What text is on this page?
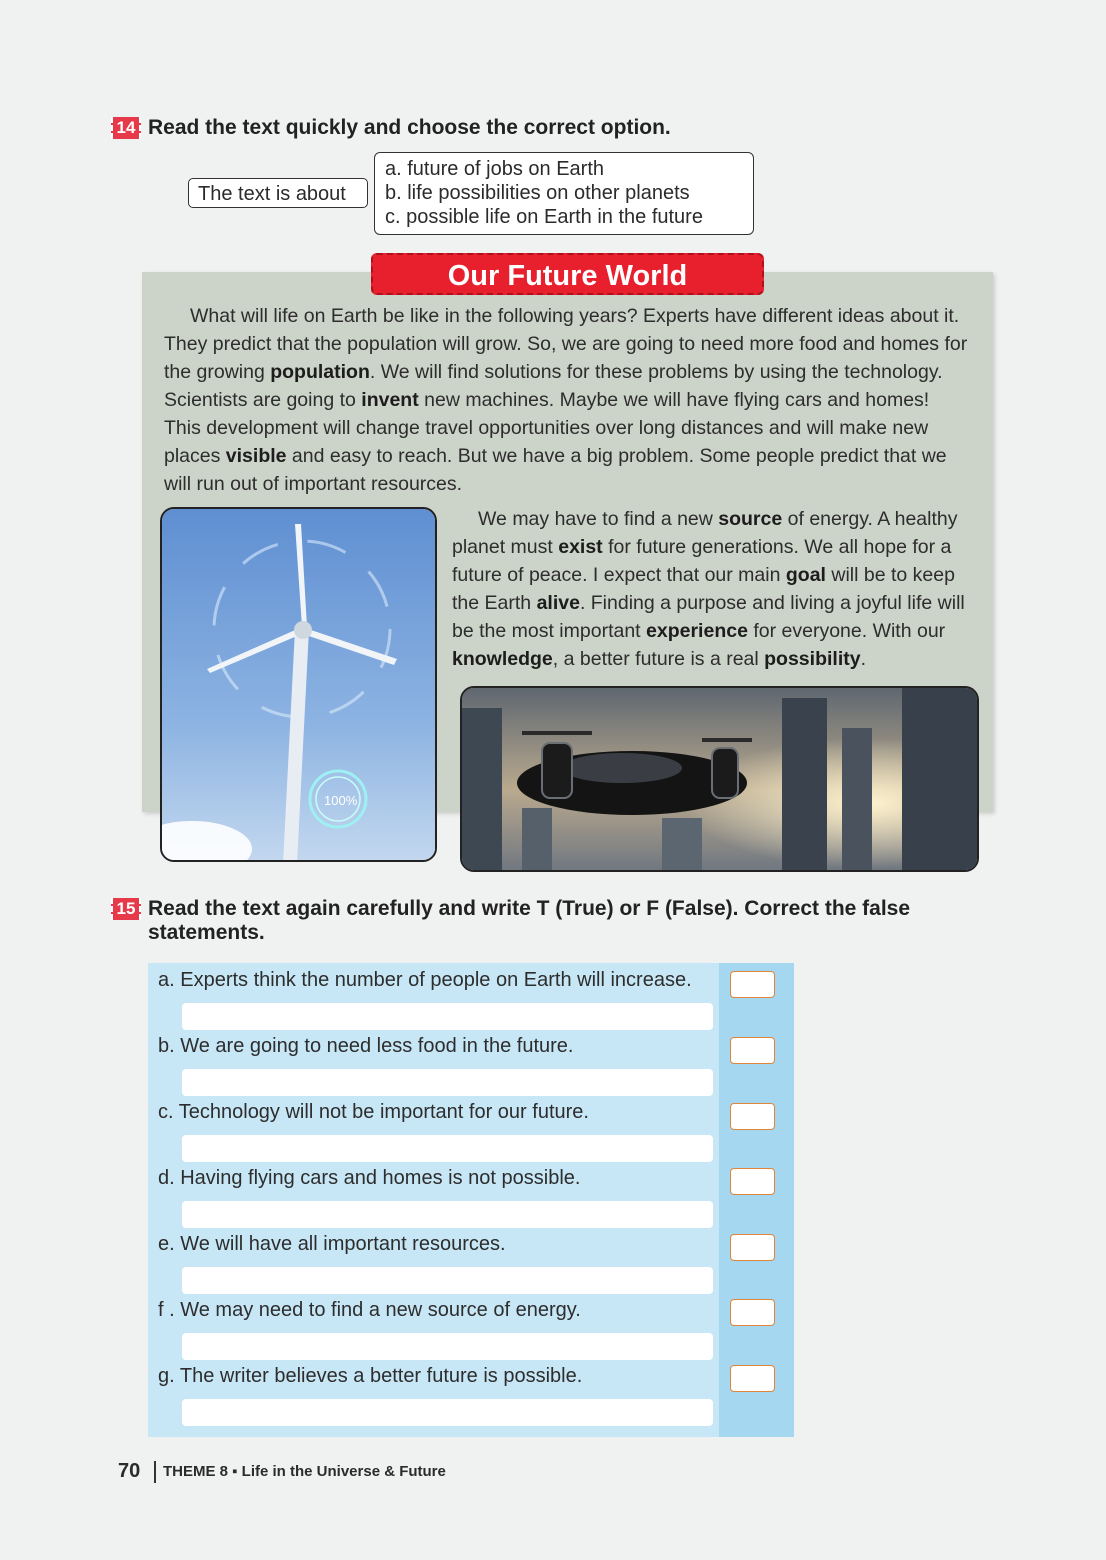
14 Read the text quickly and choose the correct option.
The text is about
a. future of jobs on Earth
b. life possibilities on other planets
c. possible life on Earth in the future
Our Future World
What will life on Earth be like in the following years? Experts have different ideas about it. They predict that the population will grow. So, we are going to need more food and homes for the growing population. We will find solutions for these problems by using the technology. Scientists are going to invent new machines. Maybe we will have flying cars and homes! This development will change travel opportunities over long distances and will make new places visible and easy to reach. But we have a big problem. Some people predict that we will run out of important resources.
100%
We may have to find a new source of energy. A healthy planet must exist for future generations. We all hope for a future of peace. I expect that our main goal will be to keep the Earth alive. Finding a purpose and living a joyful life will be the most important experience for everyone. With our knowledge, a better future is a real possibility.
15 Read the text again carefully and write T (True) or F (False). Correct the false statements.
a. Experts think the number of people on Earth will increase.
b. We are going to need less food in the future.
c. Technology will not be important for our future.
d. Having flying cars and homes is not possible.
e. We will have all important resources.
f . We may need to find a new source of energy.
g. The writer believes a better future is possible.
70 THEME 8 ▪ Life in the Universe & Future
